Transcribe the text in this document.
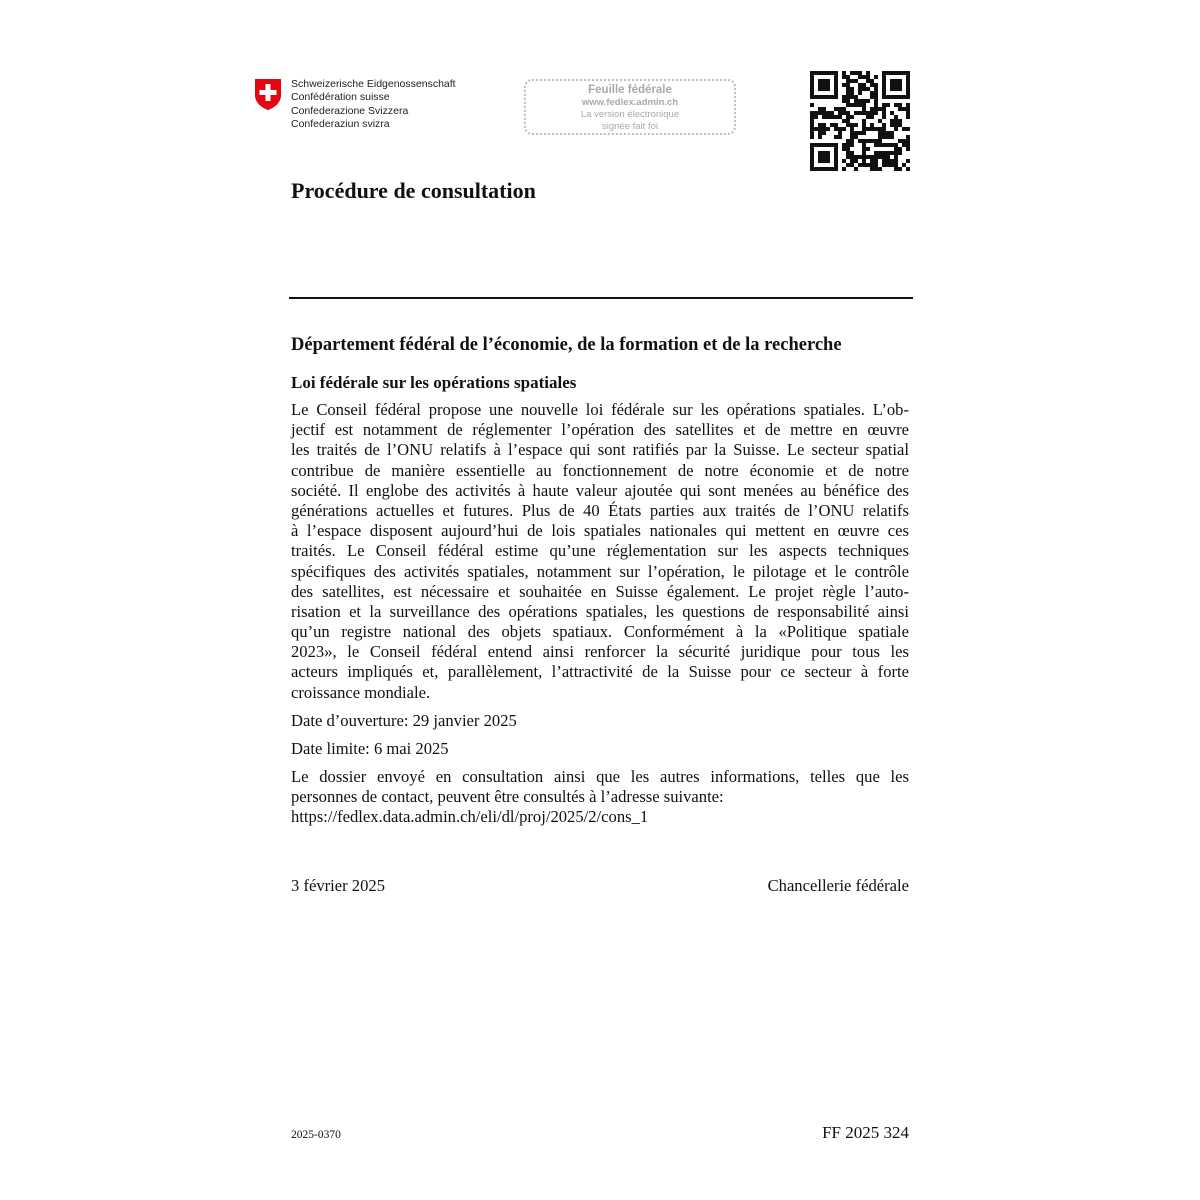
Schweizerische Eidgenossenschaft
Confédération suisse
Confederazione Svizzera
Confederaziun svizra
Feuille fédérale
www.fedlex.admin.ch
La version électronique
signée fait foi
Procédure de consultation
Département fédéral de l’économie, de la formation et de la recherche
Loi fédérale sur les opérations spatiales
Le Conseil fédéral propose une nouvelle loi fédérale sur les opérations spatiales. L’ob-
jectif est notamment de réglementer l’opération des satellites et de mettre en œuvre
les traités de l’ONU relatifs à l’espace qui sont ratifiés par la Suisse. Le secteur spatial
contribue de manière essentielle au fonctionnement de notre économie et de notre
société. Il englobe des activités à haute valeur ajoutée qui sont menées au bénéfice des
générations actuelles et futures. Plus de 40 États parties aux traités de l’ONU relatifs
à l’espace disposent aujourd’hui de lois spatiales nationales qui mettent en œuvre ces
traités. Le Conseil fédéral estime qu’une réglementation sur les aspects techniques
spécifiques des activités spatiales, notamment sur l’opération, le pilotage et le contrôle
des satellites, est nécessaire et souhaitée en Suisse également. Le projet règle l’auto-
risation et la surveillance des opérations spatiales, les questions de responsabilité ainsi
qu’un registre national des objets spatiaux. Conformément à la «Politique spatiale
2023», le Conseil fédéral entend ainsi renforcer la sécurité juridique pour tous les
acteurs impliqués et, parallèlement, l’attractivité de la Suisse pour ce secteur à forte
croissance mondiale.
Date d’ouverture: 29 janvier 2025
Date limite: 6 mai 2025
Le dossier envoyé en consultation ainsi que les autres informations, telles que les
personnes de contact, peuvent être consultés à l’adresse suivante:
https://fedlex.data.admin.ch/eli/dl/proj/2025/2/cons_1
3 février 2025	Chancellerie fédérale
2025-0370	FF 2025 324
